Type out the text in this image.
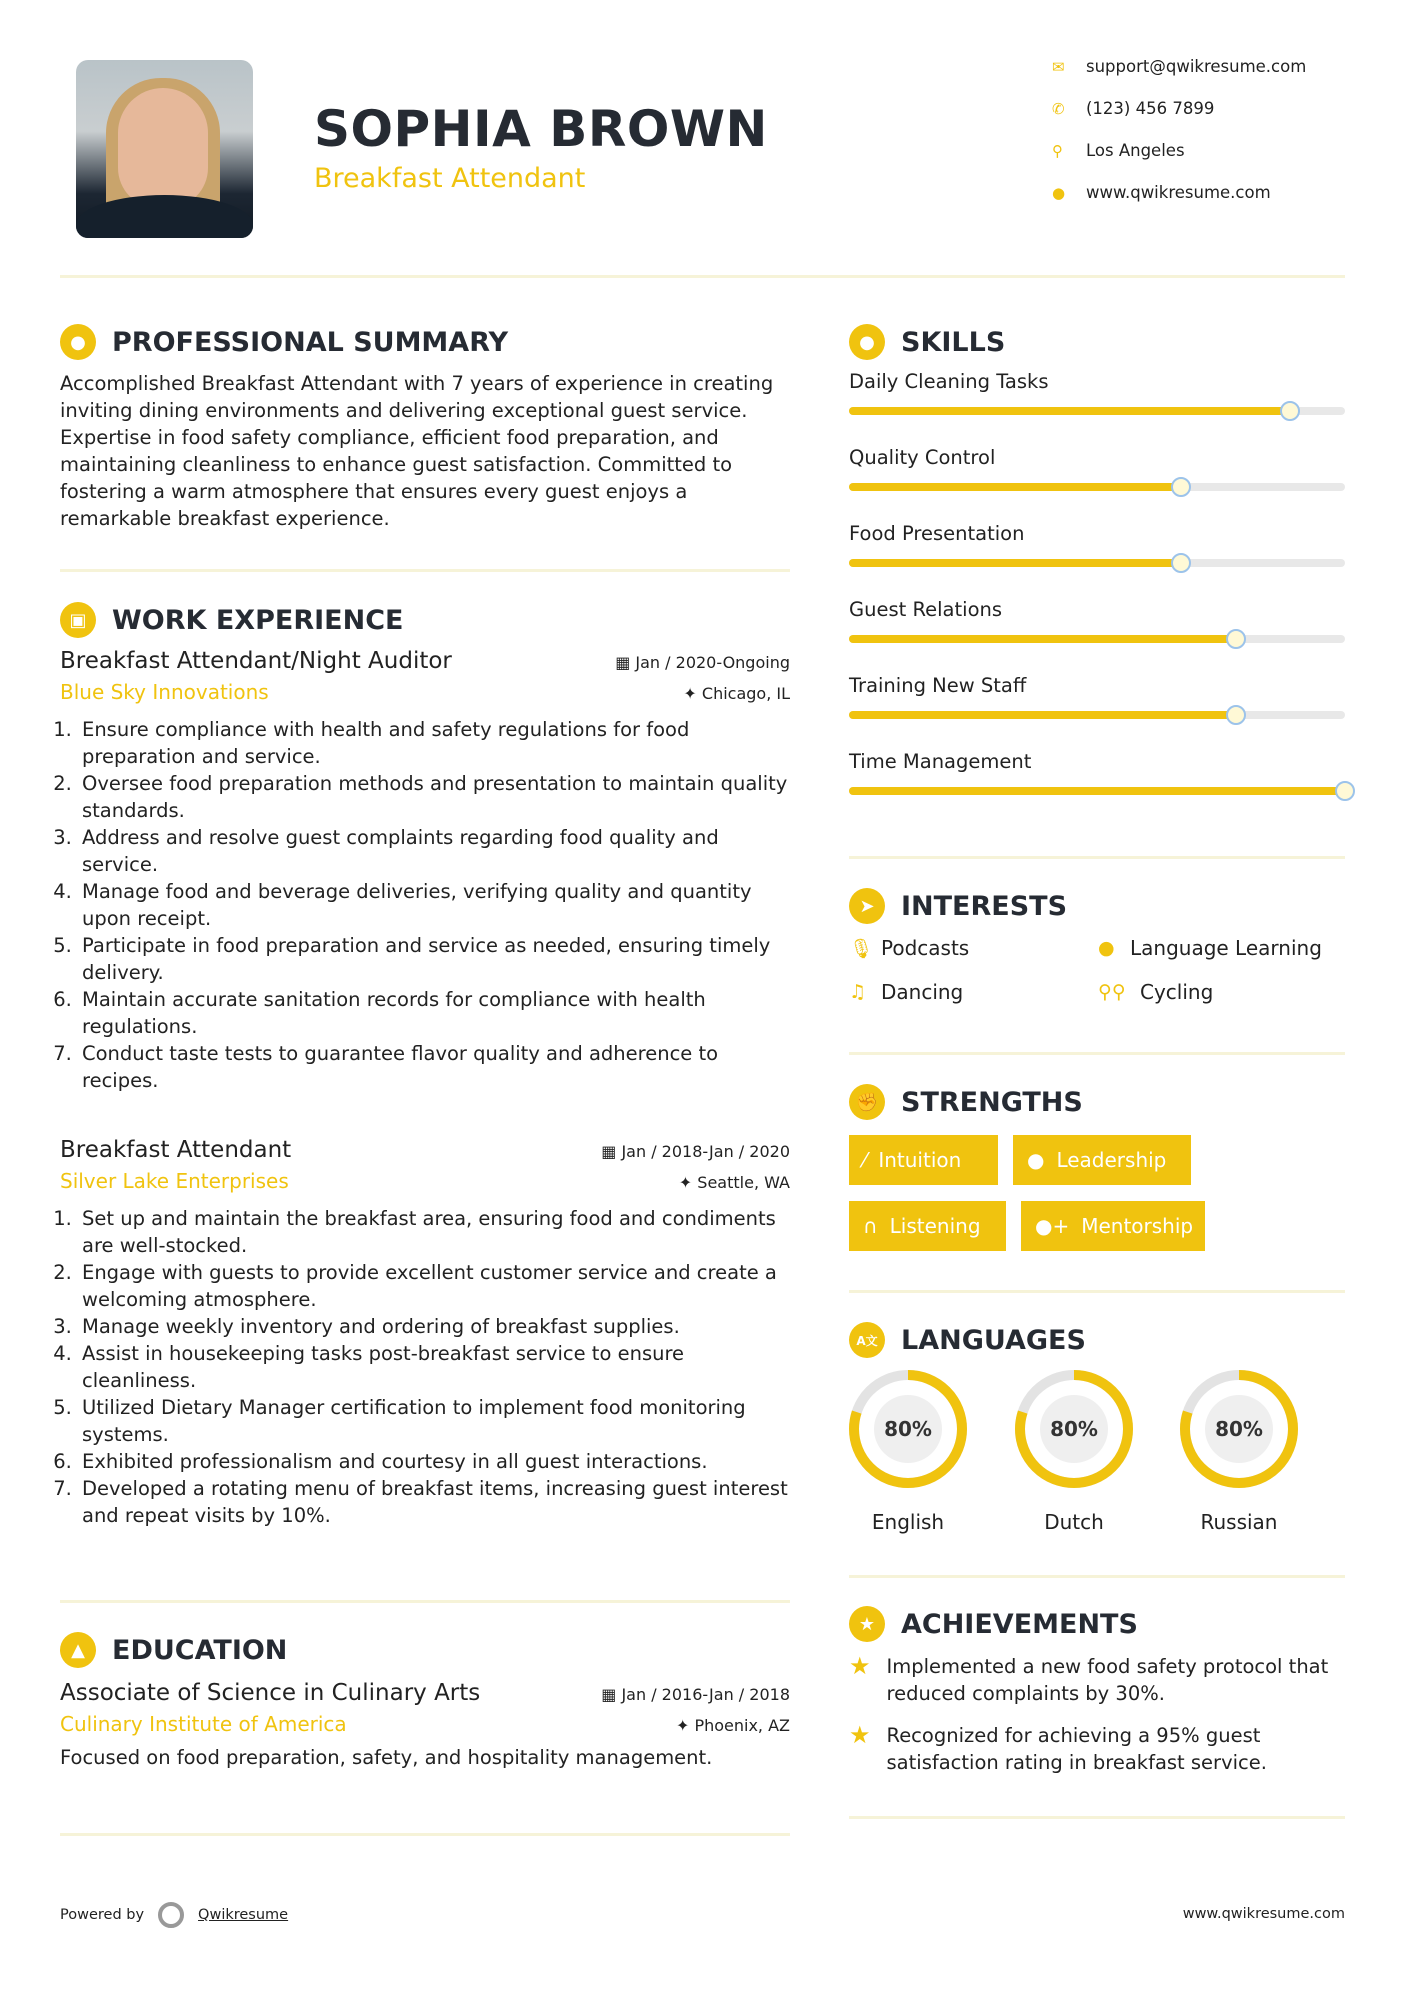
SOPHIA BROWN
Breakfast Attendant
✉	support@qwikresume.com
✆	(123) 456 7899
⚲	Los Angeles
●	www.qwikresume.com
● PROFESSIONAL SUMMARY

Accomplished Breakfast Attendant with 7 years of experience in creating inviting dining environments and delivering exceptional guest service. Expertise in food safety compliance, efficient food preparation, and maintaining cleanliness to enhance guest satisfaction. Committed to fostering a warm atmosphere that ensures every guest enjoys a remarkable breakfast experience.

▣ WORK EXPERIENCE
Breakfast Attendant/Night Auditor	▦ Jan / 2020-Ongoing
Blue Sky Innovations	✦ Chicago, IL
1. Ensure compliance with health and safety regulations for food preparation and service.
2. Oversee food preparation methods and presentation to maintain quality standards.
3. Address and resolve guest complaints regarding food quality and service.
4. Manage food and beverage deliveries, verifying quality and quantity upon receipt.
5. Participate in food preparation and service as needed, ensuring timely delivery.
6. Maintain accurate sanitation records for compliance with health regulations.
7. Conduct taste tests to guarantee flavor quality and adherence to recipes.
Breakfast Attendant	▦ Jan / 2018-Jan / 2020
Silver Lake Enterprises	✦ Seattle, WA
1. Set up and maintain the breakfast area, ensuring food and condiments are well-stocked.
2. Engage with guests to provide excellent customer service and create a welcoming atmosphere.
3. Manage weekly inventory and ordering of breakfast supplies.
4. Assist in housekeeping tasks post-breakfast service to ensure cleanliness.
5. Utilized Dietary Manager certification to implement food monitoring systems.
6. Exhibited professionalism and courtesy in all guest interactions.
7. Developed a rotating menu of breakfast items, increasing guest interest and repeat visits by 10%.
▲	EDUCATION
Associate of Science in Culinary Arts	▦ Jan / 2016-Jan / 2018
Culinary Institute of America	✦ Phoenix, AZ

Focused on food preparation, safety, and hospitality management.

● SKILLS
Daily Cleaning Tasks
Quality Control
Food Presentation
Guest Relations
Training New Staff
Time Management
➤ INTERESTS
🎙 Podcasts	● Language Learning
♫ Dancing	⚲⚲ Cycling
✊ STRENGTHS
⁄ Intuition	● Leadership
∩ Listening	●+ Mentorship
A文 LANGUAGES
80%
English
80%
Dutch
80%
Russian
★ ACHIEVEMENTS
★ Implemented a new food safety protocol that reduced complaints by 30%.
★ Recognized for achieving a 95% guest satisfaction rating in breakfast service.
Powered by	Qwikresume	www.qwikresume.com
